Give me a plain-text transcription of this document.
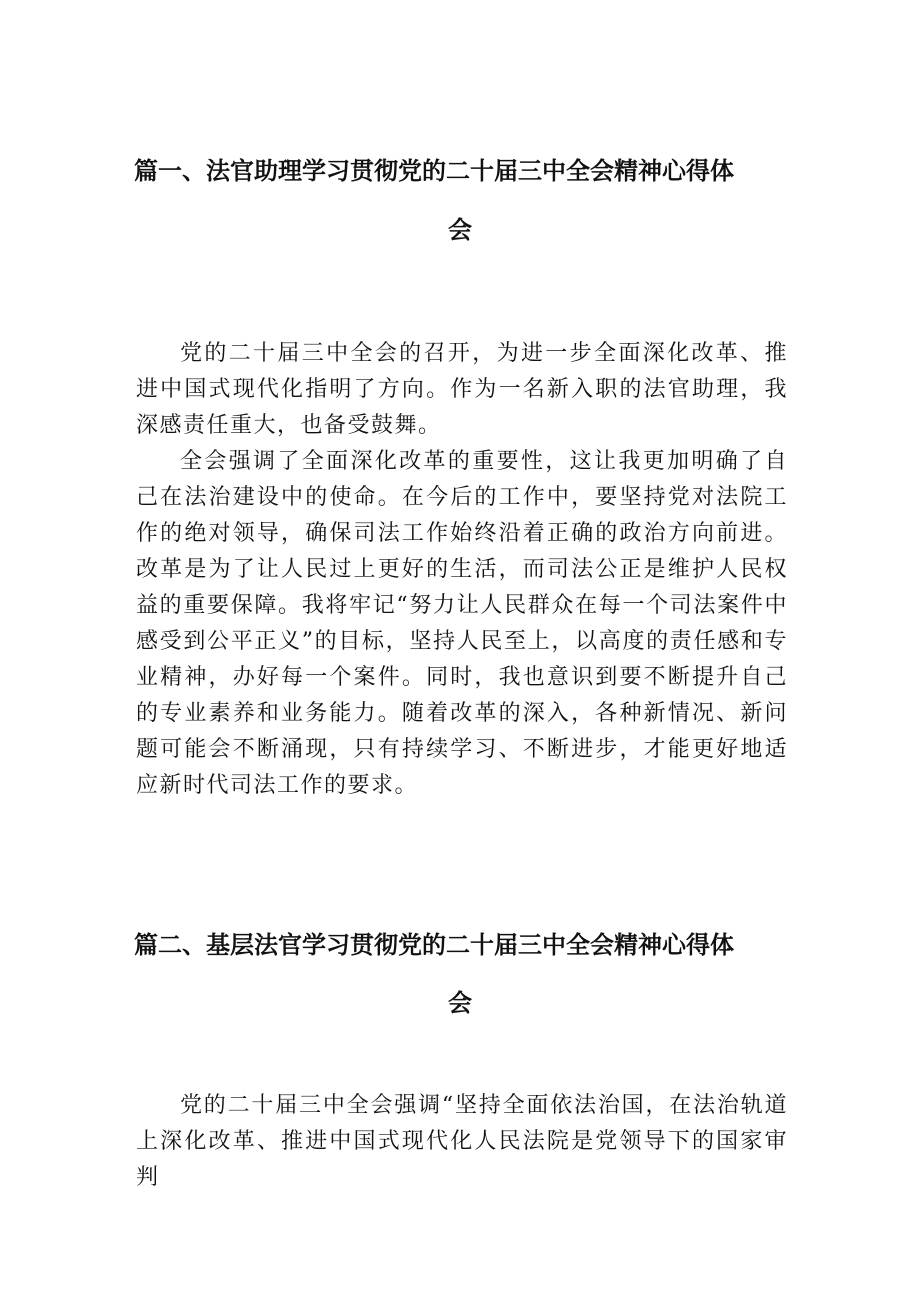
篇一、法官助理学习贯彻党的二十届三中全会精神心得体
会

党的二十届三中全会的召开，为进一步全面深化改革、推进中国式现代化指明了方向。作为一名新入职的法官助理，我深感责任重大，也备受鼓舞。

全会强调了全面深化改革的重要性，这让我更加明确了自己在法治建设中的使命。在今后的工作中，要坚持党对法院工作的绝对领导，确保司法工作始终沿着正确的政治方向前进。改革是为了让人民过上更好的生活，而司法公正是维护人民权益的重要保障。我将牢记“努力让人民群众在每一个司法案件中感受到公平正义”的目标，坚持人民至上，以高度的责任感和专业精神，办好每一个案件。同时，我也意识到要不断提升自己的专业素养和业务能力。随着改革的深入，各种新情况、新问题可能会不断涌现，只有持续学习、不断进步，才能更好地适应新时代司法工作的要求。

篇二、基层法官学习贯彻党的二十届三中全会精神心得体
会

党的二十届三中全会强调“坚持全面依法治国，在法治轨道上深化改革、推进中国式现代化人民法院是党领导下的国家审判
